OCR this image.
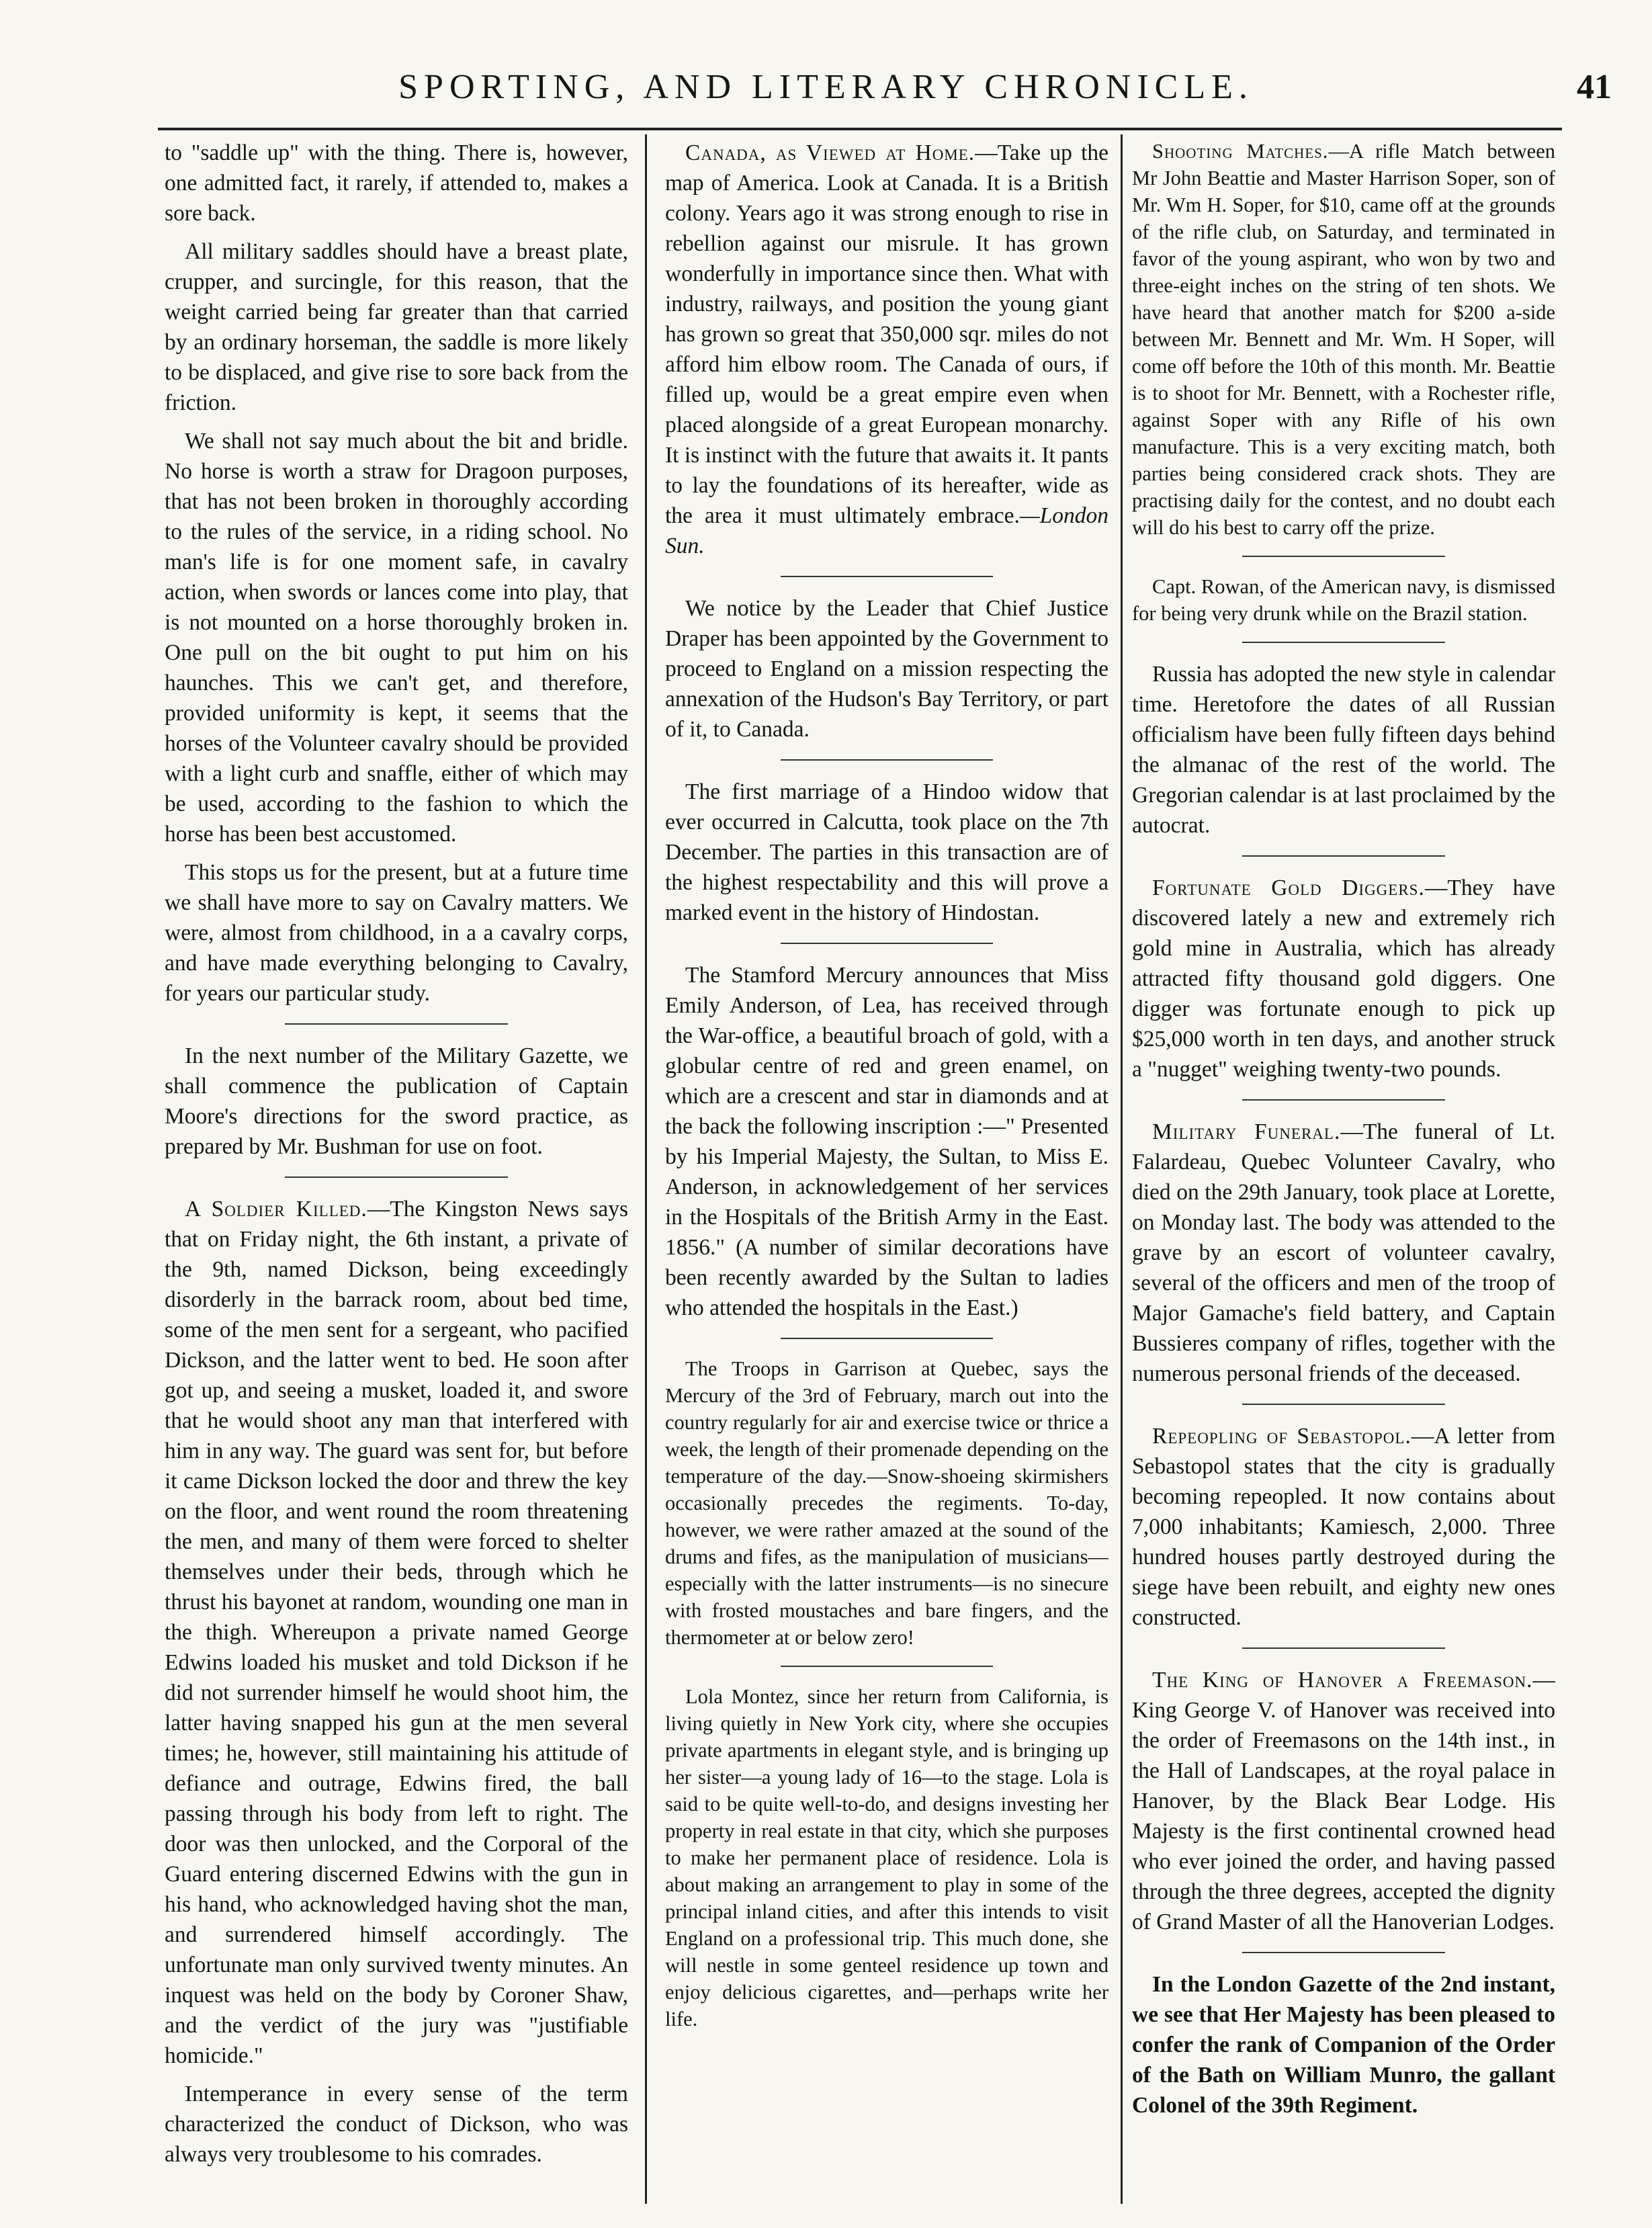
SPORTING, AND LITERARY CHRONICLE.	41

to "saddle up" with the thing. There is, however, one admitted fact, it rarely, if attended to, makes a sore back.

All military saddles should have a breast plate, crupper, and surcingle, for this reason, that the weight carried being far greater than that carried by an ordinary horseman, the saddle is more likely to be displaced, and give rise to sore back from the friction.

We shall not say much about the bit and bridle. No horse is worth a straw for Dragoon purposes, that has not been broken in thoroughly according to the rules of the service, in a riding school. No man's life is for one moment safe, in cavalry action, when swords or lances come into play, that is not mounted on a horse thoroughly broken in. One pull on the bit ought to put him on his haunches. This we can't get, and therefore, provided uniformity is kept, it seems that the horses of the Volunteer cavalry should be provided with a light curb and snaffle, either of which may be used, according to the fashion to which the horse has been best accustomed.

This stops us for the present, but at a future time we shall have more to say on Cavalry matters. We were, almost from childhood, in a a cavalry corps, and have made everything belonging to Cavalry, for years our particular study.

In the next number of the Military Gazette, we shall commence the publication of Captain Moore's directions for the sword practice, as prepared by Mr. Bushman for use on foot.

A Soldier Killed.—The Kingston News says that on Friday night, the 6th instant, a private of the 9th, named Dickson, being exceedingly disorderly in the barrack room, about bed time, some of the men sent for a sergeant, who pacified Dickson, and the latter went to bed. He soon after got up, and seeing a musket, loaded it, and swore that he would shoot any man that interfered with him in any way. The guard was sent for, but before it came Dickson locked the door and threw the key on the floor, and went round the room threatening the men, and many of them were forced to shelter themselves under their beds, through which he thrust his bayonet at random, wounding one man in the thigh. Whereupon a private named George Edwins loaded his musket and told Dickson if he did not surrender himself he would shoot him, the latter having snapped his gun at the men several times; he, however, still maintaining his attitude of defiance and outrage, Edwins fired, the ball passing through his body from left to right. The door was then unlocked, and the Corporal of the Guard entering discerned Edwins with the gun in his hand, who acknowledged having shot the man, and surrendered himself accordingly. The unfortunate man only survived twenty minutes. An inquest was held on the body by Coroner Shaw, and the verdict of the jury was "justifiable homicide."

Intemperance in every sense of the term characterized the conduct of Dickson, who was always very troublesome to his comrades.

Canada, as Viewed at Home.—Take up the map of America. Look at Canada. It is a British colony. Years ago it was strong enough to rise in rebellion against our misrule. It has grown wonderfully in importance since then. What with industry, railways, and position the young giant has grown so great that 350,000 sqr. miles do not afford him elbow room. The Canada of ours, if filled up, would be a great empire even when placed alongside of a great European monarchy. It is instinct with the future that awaits it. It pants to lay the foundations of its hereafter, wide as the area it must ultimately embrace.—London Sun.

We notice by the Leader that Chief Justice Draper has been appointed by the Government to proceed to England on a mission respecting the annexation of the Hudson's Bay Territory, or part of it, to Canada.

The first marriage of a Hindoo widow that ever occurred in Calcutta, took place on the 7th December. The parties in this transaction are of the highest respectability and this will prove a marked event in the history of Hindostan.

The Stamford Mercury announces that Miss Emily Anderson, of Lea, has received through the War-office, a beautiful broach of gold, with a globular centre of red and green enamel, on which are a crescent and star in diamonds and at the back the following inscription :—" Presented by his Imperial Majesty, the Sultan, to Miss E. Anderson, in acknowledgement of her services in the Hospitals of the British Army in the East. 1856." (A number of similar decorations have been recently awarded by the Sultan to ladies who attended the hospitals in the East.)

The Troops in Garrison at Quebec, says the Mercury of the 3rd of February, march out into the country regularly for air and exercise twice or thrice a week, the length of their promenade depending on the temperature of the day.—Snow-shoeing skirmishers occasionally precedes the regiments. To-day, however, we were rather amazed at the sound of the drums and fifes, as the manipulation of musicians—especially with the latter instruments—is no sinecure with frosted moustaches and bare fingers, and the thermometer at or below zero!

Lola Montez, since her return from California, is living quietly in New York city, where she occupies private apartments in elegant style, and is bringing up her sister—a young lady of 16—to the stage. Lola is said to be quite well-to-do, and designs investing her property in real estate in that city, which she purposes to make her permanent place of residence. Lola is about making an arrangement to play in some of the principal inland cities, and after this intends to visit England on a professional trip. This much done, she will nestle in some genteel residence up town and enjoy delicious cigarettes, and—perhaps write her life.

Shooting Matches.—A rifle Match between Mr John Beattie and Master Harrison Soper, son of Mr. Wm H. Soper, for $10, came off at the grounds of the rifle club, on Saturday, and terminated in favor of the young aspirant, who won by two and three-eight inches on the string of ten shots. We have heard that another match for $200 a-side between Mr. Bennett and Mr. Wm. H Soper, will come off before the 10th of this month. Mr. Beattie is to shoot for Mr. Bennett, with a Rochester rifle, against Soper with any Rifle of his own manufacture. This is a very exciting match, both parties being considered crack shots. They are practising daily for the contest, and no doubt each will do his best to carry off the prize.

Capt. Rowan, of the American navy, is dismissed for being very drunk while on the Brazil station.

Russia has adopted the new style in calendar time. Heretofore the dates of all Russian officialism have been fully fifteen days behind the almanac of the rest of the world. The Gregorian calendar is at last proclaimed by the autocrat.

Fortunate Gold Diggers.—They have discovered lately a new and extremely rich gold mine in Australia, which has already attracted fifty thousand gold diggers. One digger was fortunate enough to pick up $25,000 worth in ten days, and another struck a "nugget" weighing twenty-two pounds.

Military Funeral.—The funeral of Lt. Falardeau, Quebec Volunteer Cavalry, who died on the 29th January, took place at Lorette, on Monday last. The body was attended to the grave by an escort of volunteer cavalry, several of the officers and men of the troop of Major Gamache's field battery, and Captain Bussieres company of rifles, together with the numerous personal friends of the deceased.

Repeopling of Sebastopol.—A letter from Sebastopol states that the city is gradually becoming repeopled. It now contains about 7,000 inhabitants; Kamiesch, 2,000. Three hundred houses partly destroyed during the siege have been rebuilt, and eighty new ones constructed.

The King of Hanover a Freemason.—King George V. of Hanover was received into the order of Freemasons on the 14th inst., in the Hall of Landscapes, at the royal palace in Hanover, by the Black Bear Lodge. His Majesty is the first continental crowned head who ever joined the order, and having passed through the three degrees, accepted the dignity of Grand Master of all the Hanoverian Lodges.

In the London Gazette of the 2nd instant, we see that Her Majesty has been pleased to confer the rank of Companion of the Order of the Bath on William Munro, the gallant Colonel of the 39th Regiment.
